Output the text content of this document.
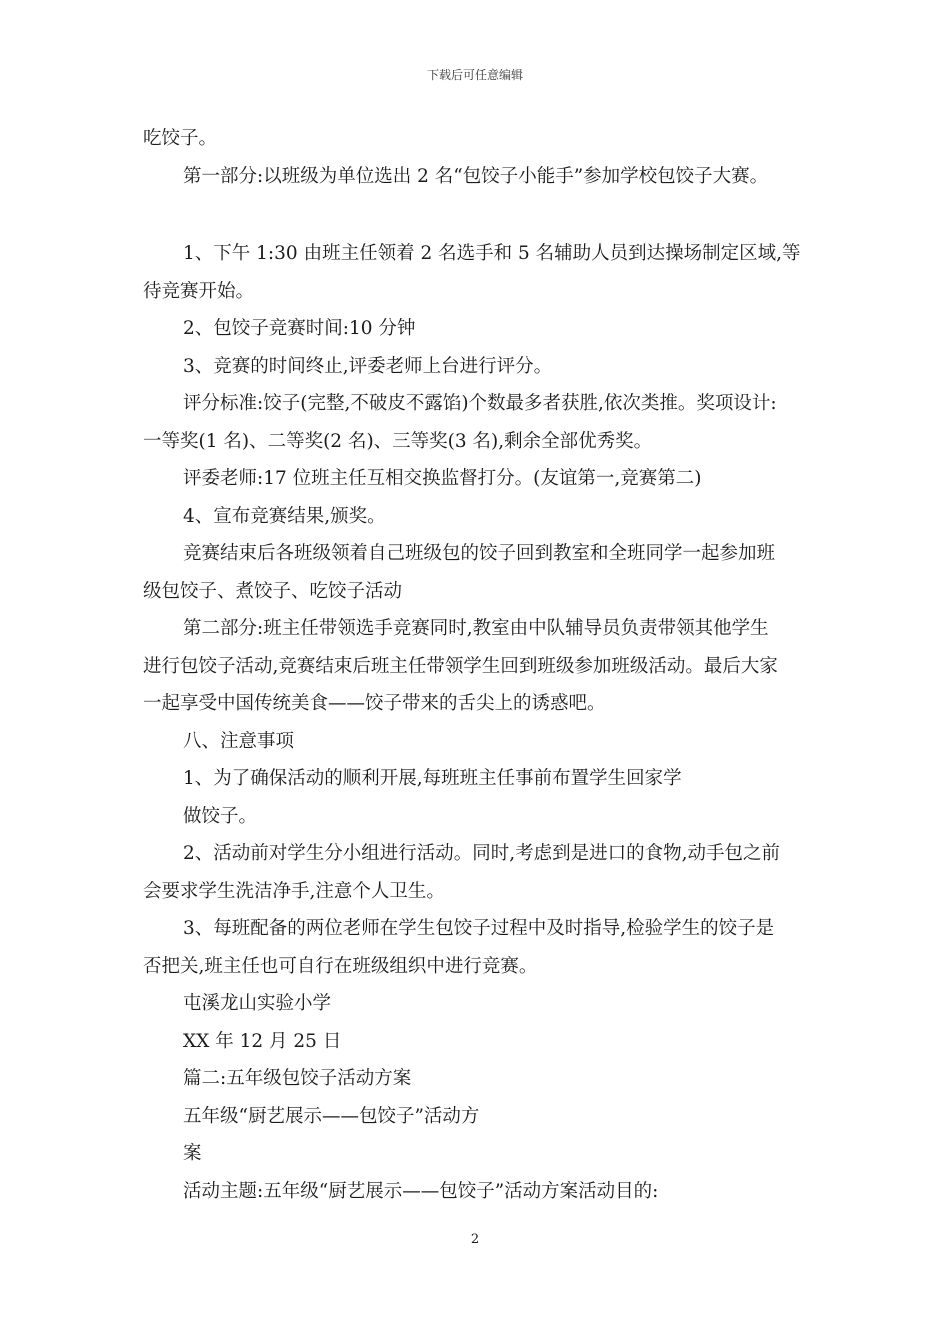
下载后可任意编辑

吃饺子。

第一部分:以班级为单位选出 2 名“包饺子小能手”参加学校包饺子大赛。

1、下午 1:30 由班主任领着 2 名选手和 5 名辅助人员到达操场制定区域,等

待竞赛开始。

2、包饺子竞赛时间:10 分钟

3、竞赛的时间终止,评委老师上台进行评分。

评分标准:饺子(完整,不破皮不露馅)个数最多者获胜,依次类推。奖项设计:

一等奖(1 名)、二等奖(2 名)、三等奖(3 名),剩余全部优秀奖。

评委老师:17 位班主任互相交换监督打分。(友谊第一,竞赛第二)

4、宣布竞赛结果,颁奖。

竞赛结束后各班级领着自己班级包的饺子回到教室和全班同学一起参加班

级包饺子、煮饺子、吃饺子活动

第二部分:班主任带领选手竞赛同时,教室由中队辅导员负责带领其他学生

进行包饺子活动,竞赛结束后班主任带领学生回到班级参加班级活动。最后大家

一起享受中国传统美食——饺子带来的舌尖上的诱惑吧。

八、注意事项

1、为了确保活动的顺利开展,每班班主任事前布置学生回家学

做饺子。

2、活动前对学生分小组进行活动。同时,考虑到是进口的食物,动手包之前

会要求学生洗洁净手,注意个人卫生。

3、每班配备的两位老师在学生包饺子过程中及时指导,检验学生的饺子是

否把关,班主任也可自行在班级组织中进行竞赛。

屯溪龙山实验小学

XX 年 12 月 25 日

篇二:五年级包饺子活动方案

五年级“厨艺展示——包饺子”活动方

案

活动主题:五年级“厨艺展示——包饺子”活动方案活动目的:

2
